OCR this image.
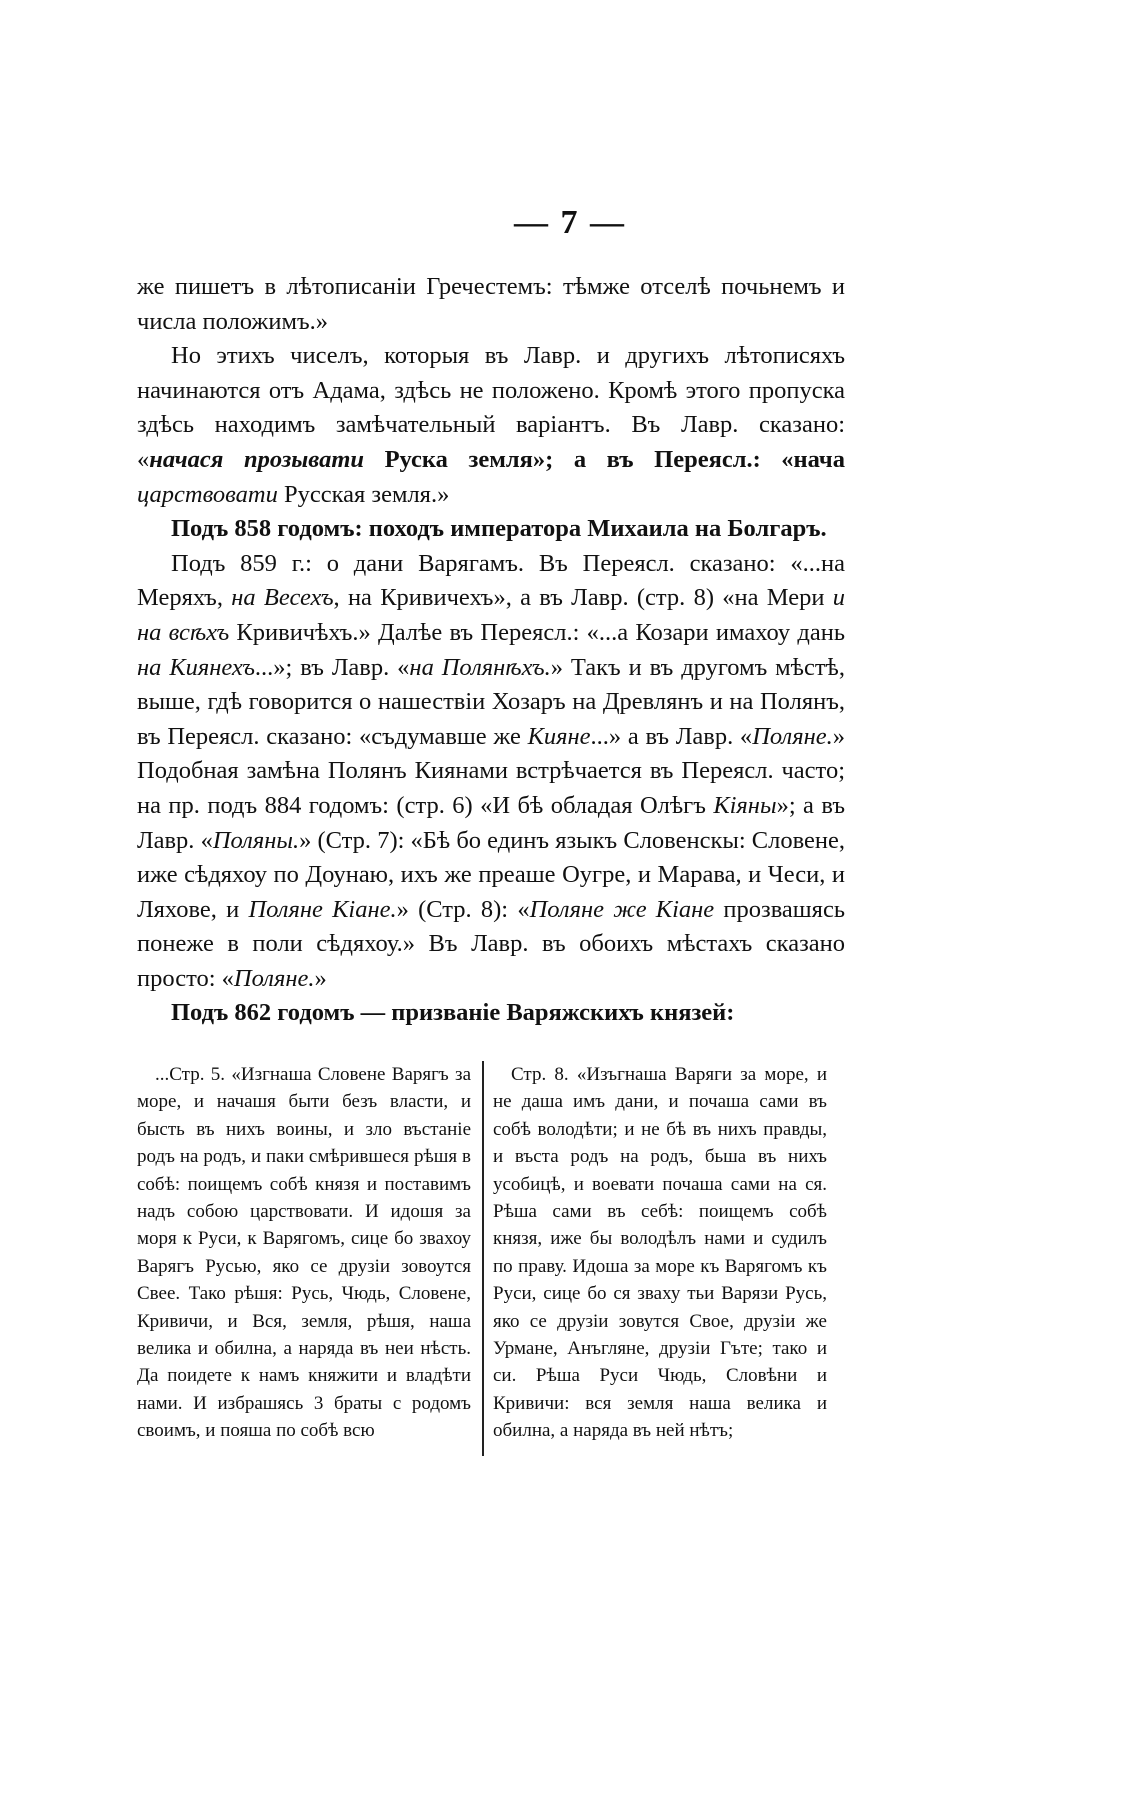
— 7 —

же пишетъ в лѣтописаніи Гречестемъ: тѣмже отселѣ почьнемъ и числа положимъ.»

Но этихъ чиселъ, которыя въ Лавр. и другихъ лѣтописяхъ начинаются отъ Адама, здѣсь не положено. Кромѣ этого пропуска здѣсь находимъ замѣчательный варіантъ. Въ Лавр. сказано: «начася прозывати Руска земля»; а въ Переясл.: «нача царствовати Русская земля.»

Подъ 858 годомъ: походъ императора Михаила на Болгаръ.

Подъ 859 г.: о дани Варягамъ. Въ Переясл. сказано: «...на Меряхъ, на Весехъ, на Кривичехъ», а въ Лавр. (стр. 8) «на Мери и на всѣхъ Кривичѣхъ.» Далѣе въ Переясл.: «...а Козари имахоу дань на Киянехъ...»; въ Лавр. «на Полянѣхъ.» Такъ и въ другомъ мѣстѣ, выше, гдѣ говорится о нашествіи Хозаръ на Древлянъ и на Полянъ, въ Переясл. сказано: «съдумавше же Кияне...» а въ Лавр. «Поляне.» Подобная замѣна Полянъ Киянами встрѣчается въ Переясл. часто; на пр. подъ 884 годомъ: (стр. 6) «И бѣ обладая Олѣгъ Кіяны»; а въ Лавр. «Поляны.» (Стр. 7): «Бѣ бо единъ языкъ Словенскы: Словене, иже сѣдяхоу по Доунаю, ихъ же преаше Оугре, и Марава, и Чеси, и Ляхове, и Поляне Кіане.» (Стр. 8): «Поляне же Кіане прозвашясь понеже в поли сѣдяхоу.» Въ Лавр. въ обоихъ мѣстахъ сказано просто: «Поляне.»

Подъ 862 годомъ — призваніе Варяжскихъ князей:

...Стр. 5. «Изгнаша Словене Варягъ за море, и начашя быти безъ власти, и бысть въ нихъ воины, и зло въстаніе родъ на родъ, и паки смѣрившеся рѣшя в собѣ: поищемъ собѣ князя и поставимъ надъ собою царствовати. И идошя за моря к Руси, к Варягомъ, сице бо звахоу Варягъ Русью, яко се друзіи зовоутся Свее. Тако рѣшя: Русь, Чюдь, Словене, Кривичи, и Вся, земля, рѣшя, наша велика и обилна, а наряда въ неи нѣсть. Да поидете к намъ княжити и владѣти нами. И избрашясь 3 браты с родомъ своимъ, и пояша по собѣ всю

Стр. 8. «Изъгнаша Варяги за море, и не даша имъ дани, и почаша сами въ собѣ володѣти; и не бѣ въ нихъ правды, и въста родъ на родъ, бьша въ нихъ усобицѣ, и воевати почаша сами на ся. Рѣша сами въ себѣ: поищемъ собѣ князя, иже бы володѣлъ нами и судилъ по праву. Идоша за море къ Варягомъ къ Руси, сице бо ся зваху тьи Варязи Русь, яко се друзіи зовутся Свое, друзіи же Урмане, Анъгляне, друзіи Гъте; тако и си. Рѣша Руси Чюдь, Словѣни и Кривичи: вся земля наша велика и обилна, а наряда въ ней нѣтъ;
